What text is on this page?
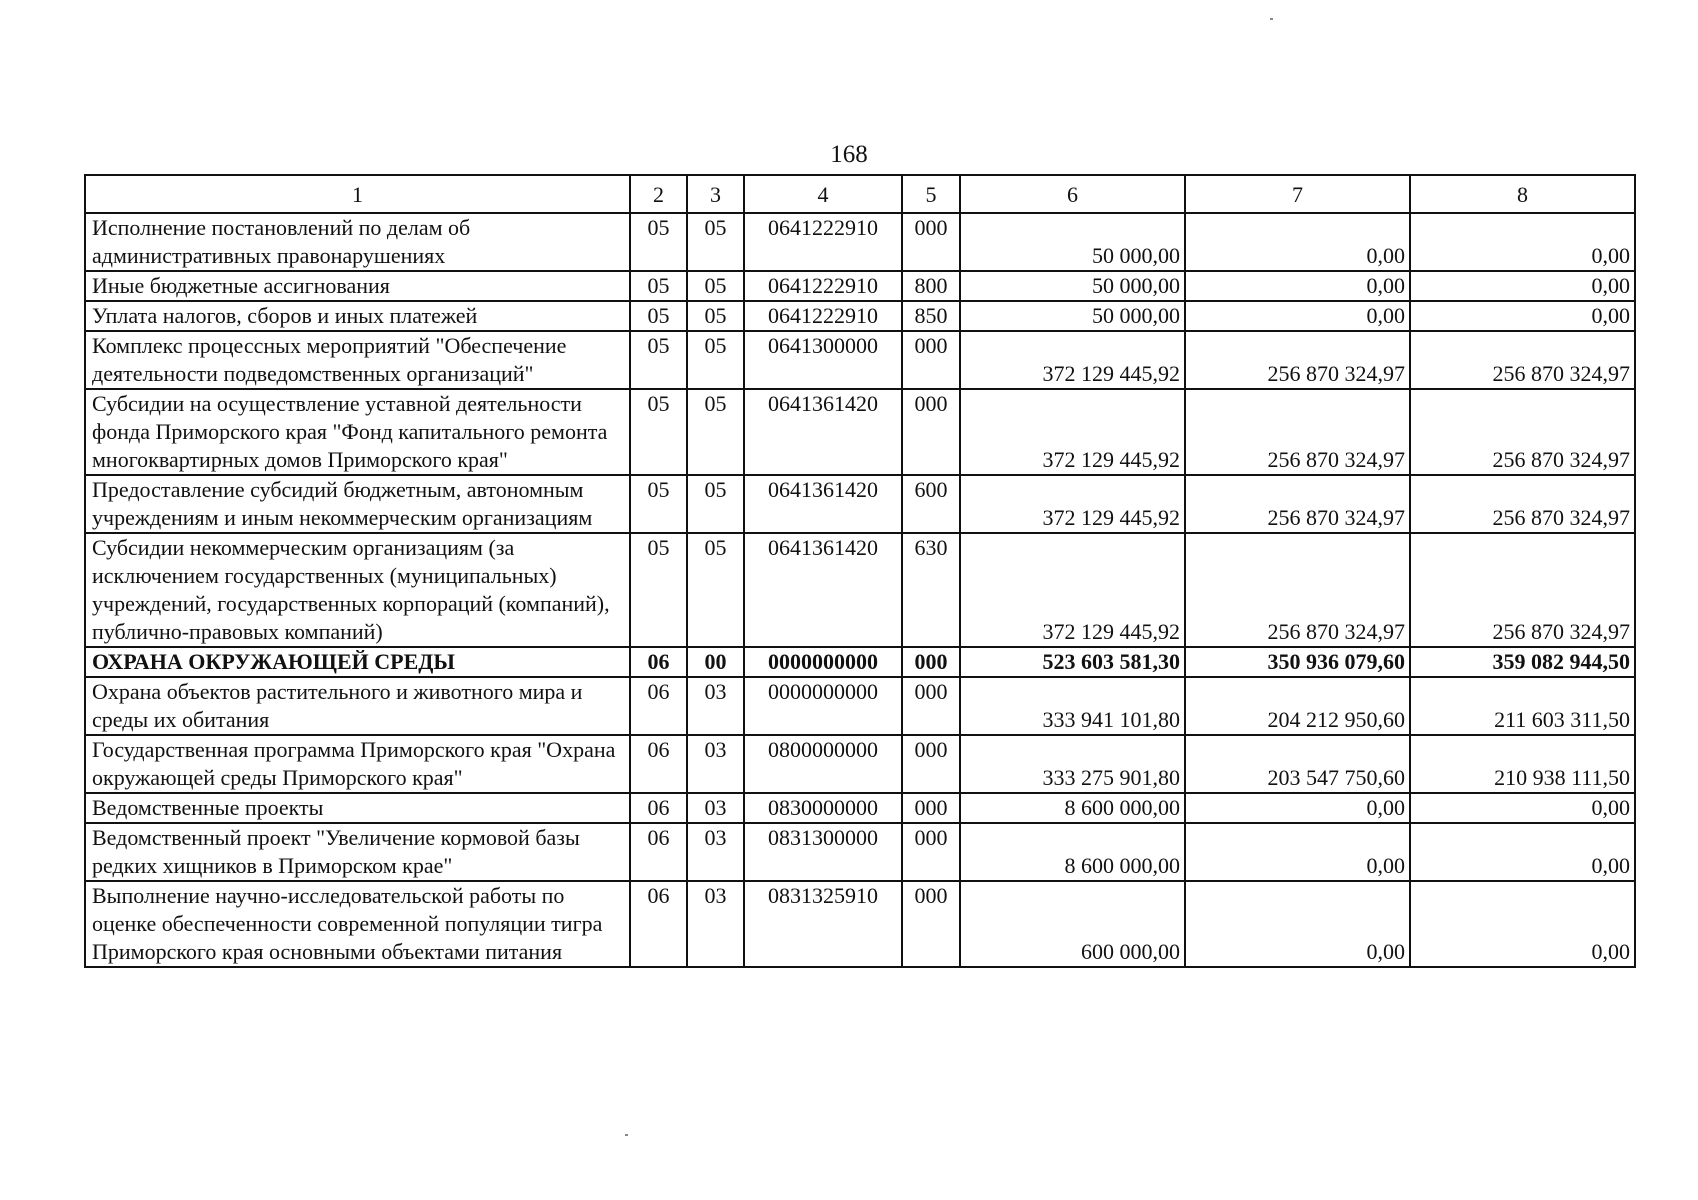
168
1	2	3	4	5	6	7	8
Исполнение постановлений по делам об административных правонарушениях	05	05	0641222910	000	50 000,00	0,00	0,00
Иные бюджетные ассигнования	05	05	0641222910	800	50 000,00	0,00	0,00
Уплата налогов, сборов и иных платежей	05	05	0641222910	850	50 000,00	0,00	0,00
Комплекс процессных мероприятий "Обеспечение деятельности подведомственных организаций"	05	05	0641300000	000	372 129 445,92	256 870 324,97	256 870 324,97
Субсидии на осуществление уставной деятельности фонда Приморского края "Фонд капитального ремонта многоквартирных домов Приморского края"	05	05	0641361420	000	372 129 445,92	256 870 324,97	256 870 324,97
Предоставление субсидий бюджетным, автономным учреждениям и иным некоммерческим организациям	05	05	0641361420	600	372 129 445,92	256 870 324,97	256 870 324,97
Субсидии некоммерческим организациям (за исключением государственных (муниципальных) учреждений, государственных корпораций (компаний), публично-правовых компаний)	05	05	0641361420	630	372 129 445,92	256 870 324,97	256 870 324,97
ОХРАНА ОКРУЖАЮЩЕЙ СРЕДЫ	06	00	0000000000	000	523 603 581,30	350 936 079,60	359 082 944,50
Охрана объектов растительного и животного мира и среды их обитания	06	03	0000000000	000	333 941 101,80	204 212 950,60	211 603 311,50
Государственная программа Приморского края "Охрана окружающей среды Приморского края"	06	03	0800000000	000	333 275 901,80	203 547 750,60	210 938 111,50
Ведомственные проекты	06	03	0830000000	000	8 600 000,00	0,00	0,00
Ведомственный проект "Увеличение кормовой базы редких хищников в Приморском крае"	06	03	0831300000	000	8 600 000,00	0,00	0,00
Выполнение научно-исследовательской работы по оценке обеспеченности современной популяции тигра Приморского края основными объектами питания	06	03	0831325910	000	600 000,00	0,00	0,00
